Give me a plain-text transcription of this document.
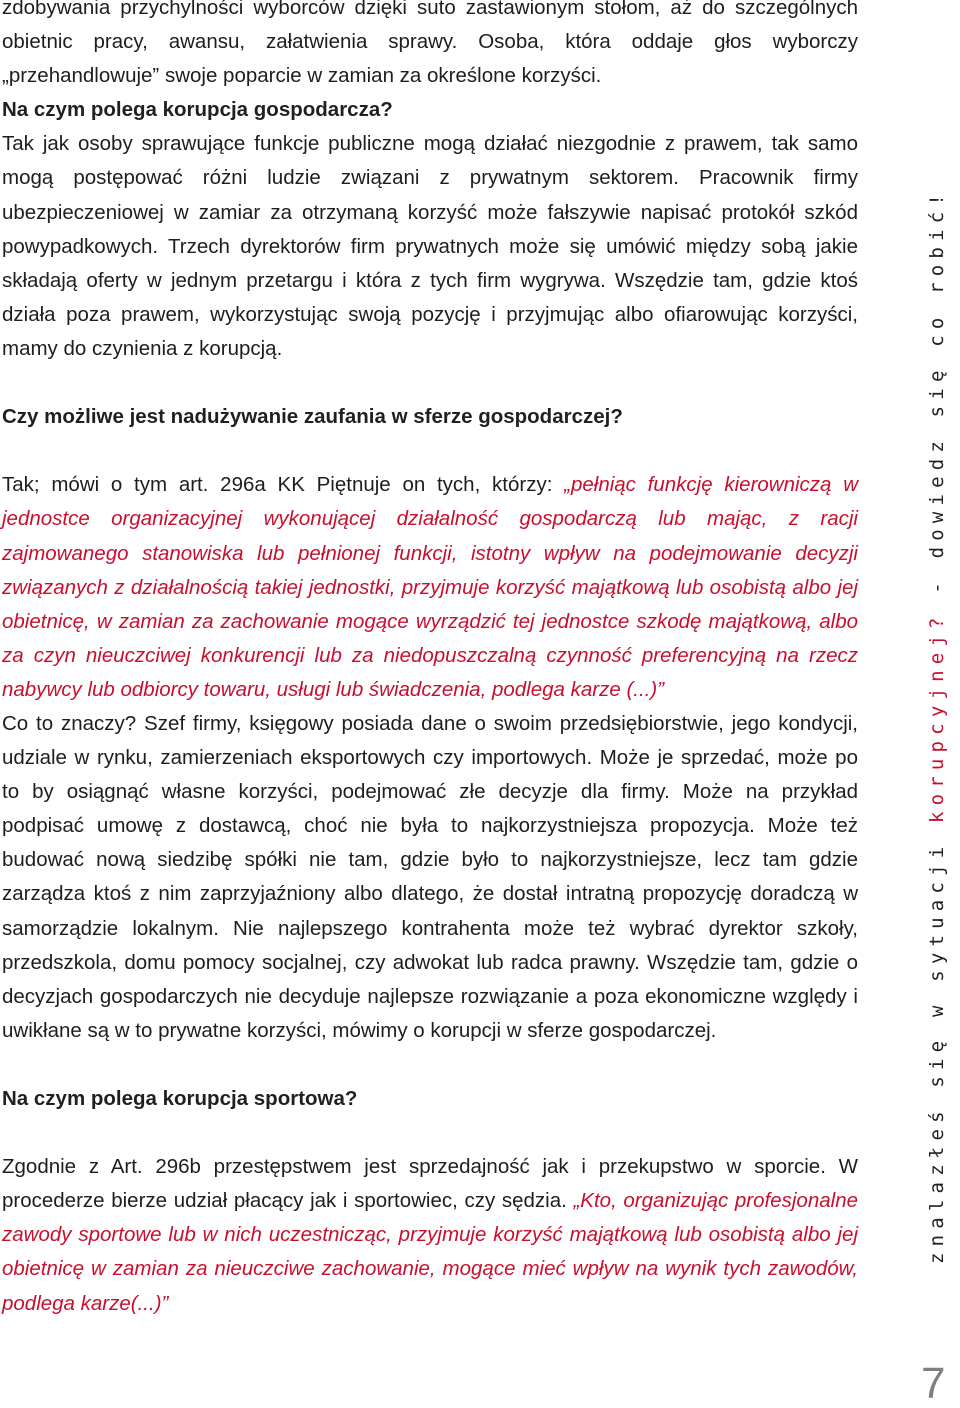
zdobywania przychylności wyborców dzięki suto zastawionym stołom, aż do szczególnych obietnic pracy, awansu, załatwienia sprawy. Osoba, która oddaje głos wyborczy „przehandlowuje” swoje poparcie w zamian za określone korzyści.

Na czym polega korupcja gospodarcza?

Tak jak osoby sprawujące funkcje publiczne mogą działać niezgodnie z prawem, tak samo mogą postępować różni ludzie związani z prywatnym sektorem. Pracownik firmy ubezpieczeniowej w zamiar za otrzymaną korzyść może fałszywie napisać protokół szkód powypadkowych. Trzech dyrektorów firm prywatnych może się umówić między sobą jakie składają oferty w jednym przetargu i która z tych firm wygrywa. Wszędzie tam, gdzie ktoś działa poza prawem, wykorzystując swoją pozycję i przyjmując albo ofiarowując korzyści, mamy do czynienia z korupcją.

Czy możliwe jest nadużywanie zaufania w sferze gospodarczej?

Tak; mówi o tym art. 296a KK Piętnuje on tych, którzy: „pełniąc funkcję kierowniczą w jednostce organizacyjnej wykonującej działalność gospodarczą lub mając, z racji zajmowanego stanowiska lub pełnionej funkcji, istotny wpływ na podejmowanie decyzji związanych z działalnością takiej jednostki, przyjmuje korzyść majątkową lub osobistą albo jej obietnicę, w zamian za zachowanie mogące wyrządzić tej jednostce szkodę majątkową, albo za czyn nieuczciwej konkurencji lub za niedopuszczalną czynność preferencyjną na rzecz nabywcy lub odbiorcy towaru, usługi lub świadczenia, podlega karze (...)”

Co to znaczy? Szef firmy, księgowy posiada dane o swoim przedsiębiorstwie, jego kondycji, udziale w rynku, zamierzeniach eksportowych czy importowych. Może je sprzedać, może po to by osiągnąć własne korzyści, podejmować złe decyzje dla firmy. Może na przykład podpisać umowę z dostawcą, choć nie była to najkorzystniejsza propozycja. Może też budować nową siedzibę spółki nie tam, gdzie było to najkorzystniejsze, lecz tam gdzie zarządza ktoś z nim zaprzyjaźniony albo dlatego, że dostał intratną propozycję doradczą w samorządzie lokalnym. Nie najlepszego kontrahenta może też wybrać dyrektor szkoły, przedszkola, domu pomocy socjalnej, czy adwokat lub radca prawny. Wszędzie tam, gdzie o decyzjach gospodarczych nie decyduje najlepsze rozwiązanie a poza ekonomiczne względy i uwikłane są w to prywatne korzyści, mówimy o korupcji w sferze gospodarczej.

Na czym polega korupcja sportowa?

Zgodnie z Art. 296b przestępstwem jest sprzedajność jak i przekupstwo w sporcie. W procederze bierze udział płacący jak i sportowiec, czy sędzia. „Kto, organizując profesjonalne zawody sportowe lub w nich uczestnicząc, przyjmuje korzyść majątkową lub osobistą albo jej obietnicę w zamian za nieuczciwe zachowanie, mogące mieć wpływ na wynik tych zawodów, podlega karze(...)”

znalazłeś się w sytuacji korupcyjnej? - dowiedz się co robić!
7
